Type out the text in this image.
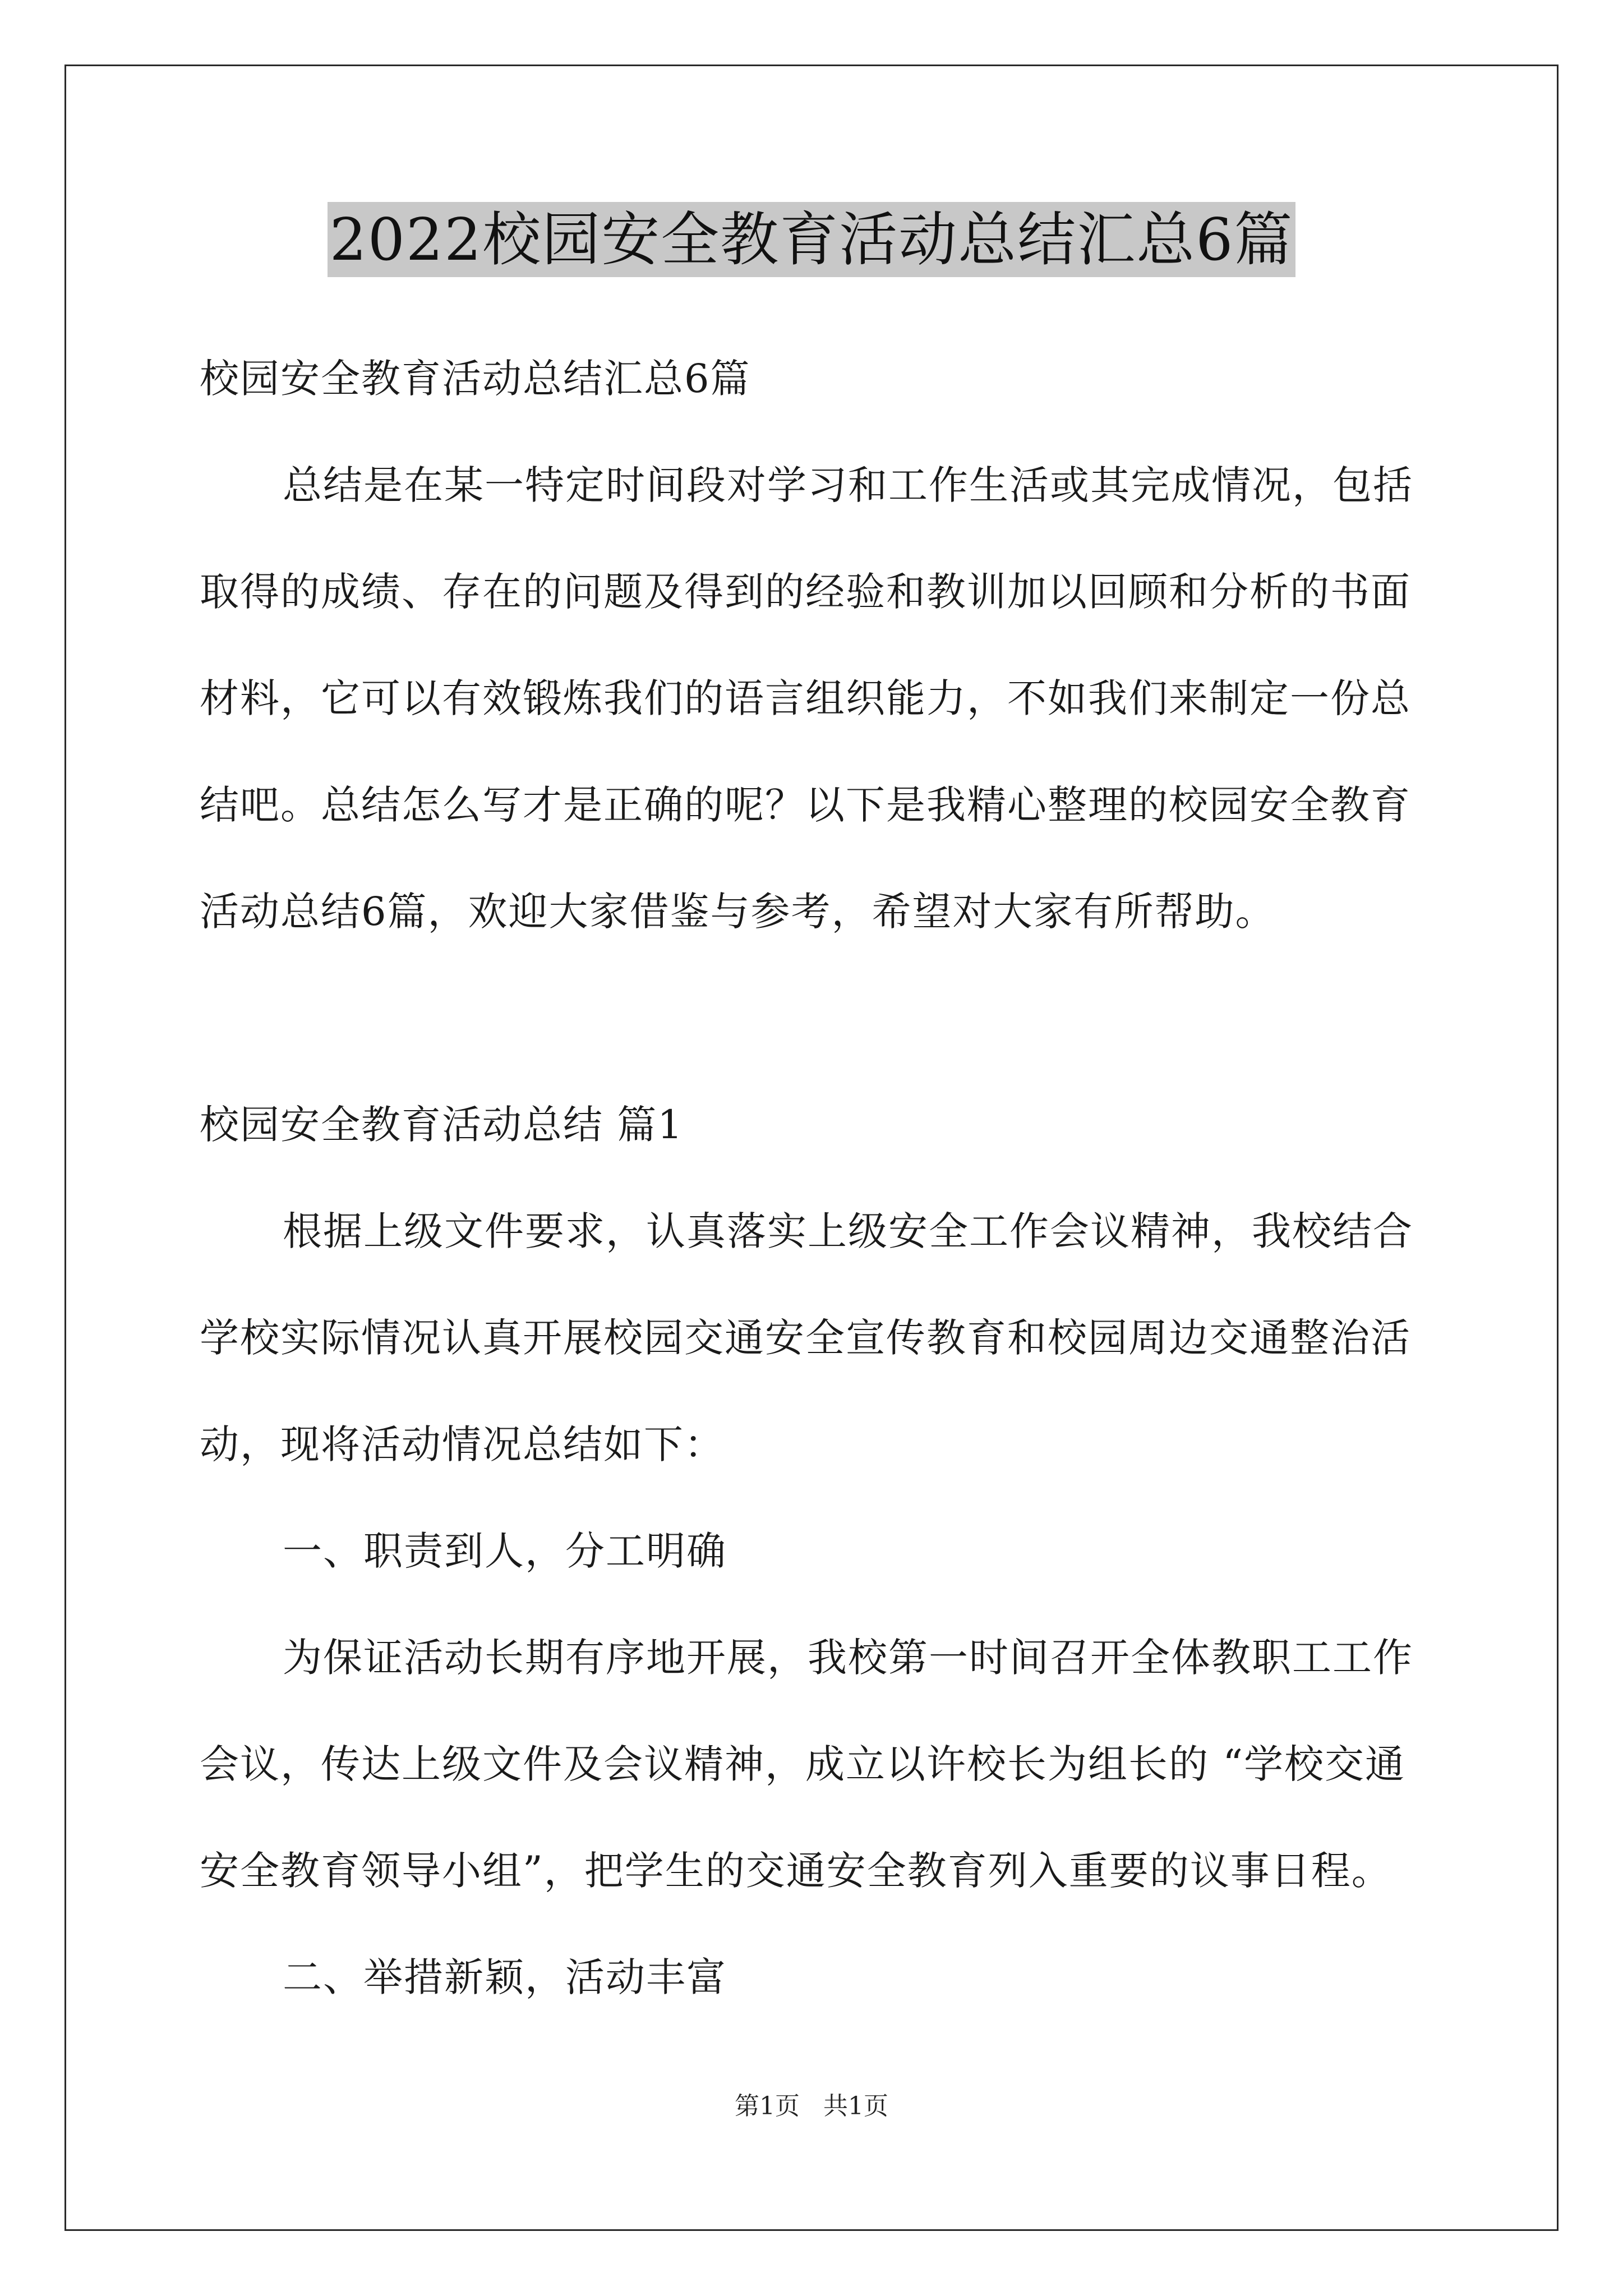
2022校园安全教育活动总结汇总6篇
校园安全教育活动总结汇总6篇
总结是在某一特定时间段对学习和工作生活或其完成情况，包括
取得的成绩、存在的问题及得到的经验和教训加以回顾和分析的书面
材料，它可以有效锻炼我们的语言组织能力，不如我们来制定一份总
结吧。总结怎么写才是正确的呢？以下是我精心整理的校园安全教育
活动总结6篇，欢迎大家借鉴与参考，希望对大家有所帮助。
校园安全教育活动总结 篇1
根据上级文件要求，认真落实上级安全工作会议精神，我校结合
学校实际情况认真开展校园交通安全宣传教育和校园周边交通整治活
动，现将活动情况总结如下：
一、职责到人，分工明确
为保证活动长期有序地开展，我校第一时间召开全体教职工工作
会议，传达上级文件及会议精神，成立以许校长为组长的 “学校交通
安全教育领导小组”，把学生的交通安全教育列入重要的议事日程。
二、举措新颖，活动丰富
第1页 共1页
